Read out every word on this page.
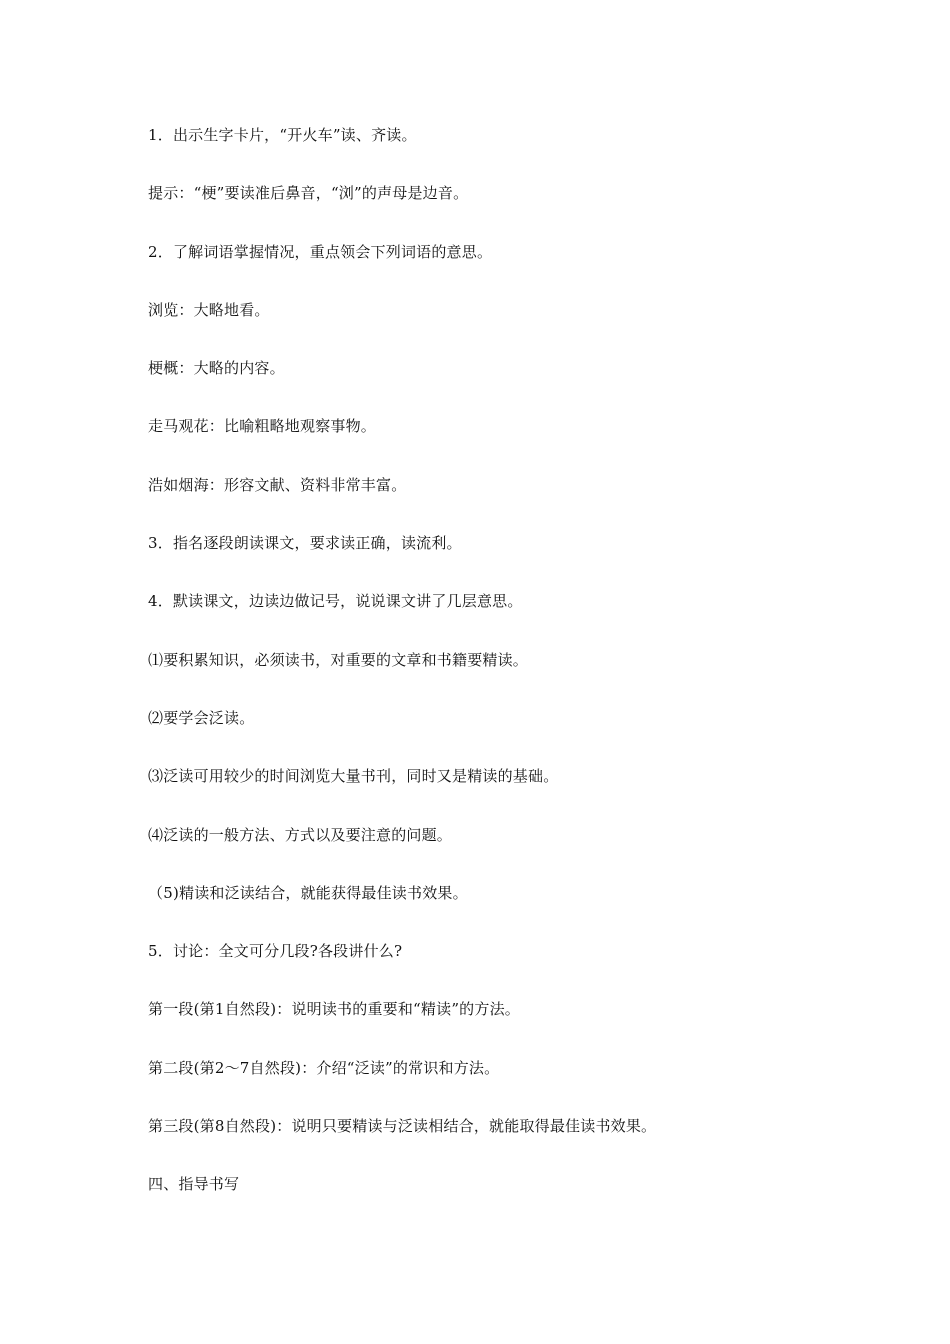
1．出示生字卡片，“开火车”读、齐读。
提示：“梗”要读准后鼻音，“浏”的声母是边音。
2．了解词语掌握情况，重点领会下列词语的意思。
浏览：大略地看。
梗概：大略的内容。
走马观花：比喻粗略地观察事物。
浩如烟海：形容文献、资料非常丰富。
3．指名逐段朗读课文，要求读正确，读流利。
4．默读课文，边读边做记号，说说课文讲了几层意思。
⑴要积累知识，必须读书，对重要的文章和书籍要精读。
⑵要学会泛读。
⑶泛读可用较少的时间浏览大量书刊，同时又是精读的基础。
⑷泛读的一般方法、方式以及要注意的问题。
（5)精读和泛读结合，就能获得最佳读书效果。
5．讨论：全文可分几段?各段讲什么?
第一段(第1自然段)：说明读书的重要和“精读”的方法。
第二段(第2～7自然段)：介绍“泛读”的常识和方法。
第三段(第8自然段)：说明只要精读与泛读相结合，就能取得最佳读书效果。
四、指导书写
